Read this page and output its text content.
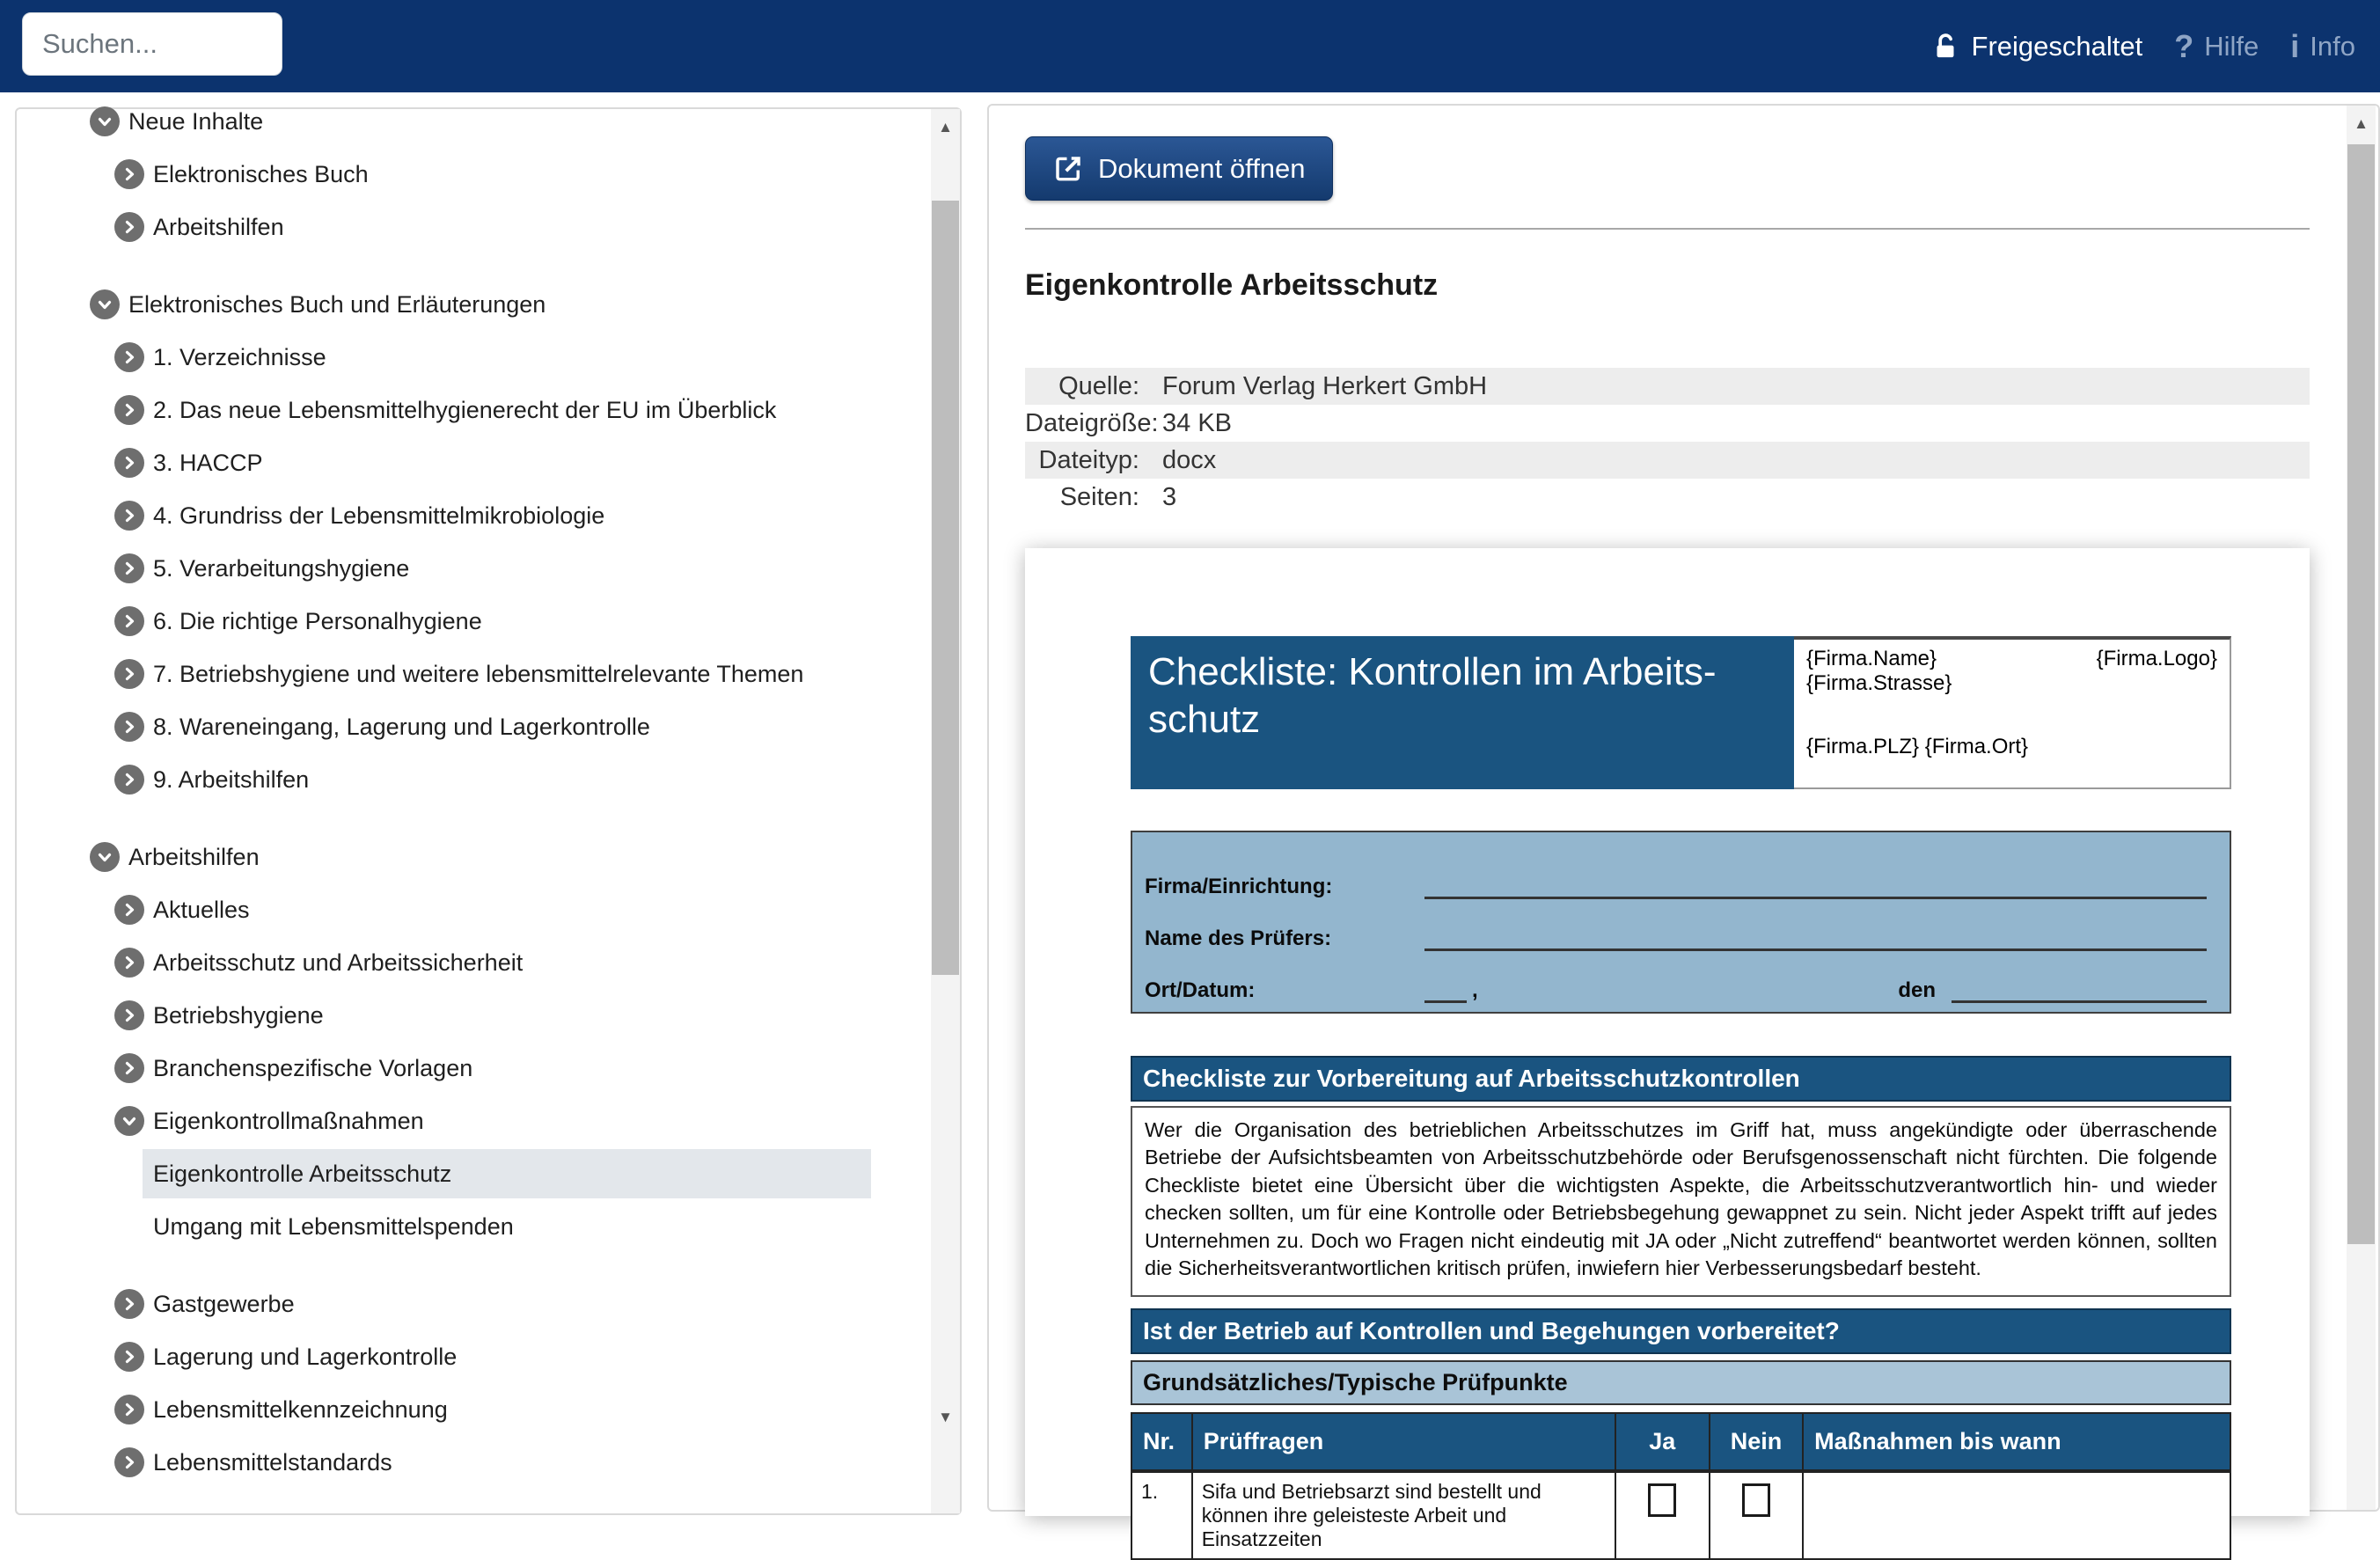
Suchen...
Freigeschaltet ? Hilfe i Info
Neue Inhalte
Elektronisches Buch
Arbeitshilfen
Elektronisches Buch und Erläuterungen
1. Verzeichnisse
2. Das neue Lebensmittelhygienerecht der EU im Überblick
3. HACCP
4. Grundriss der Lebensmittelmikrobiologie
5. Verarbeitungshygiene
6. Die richtige Personalhygiene
7. Betriebshygiene und weitere lebensmittelrelevante Themen
8. Wareneingang, Lagerung und Lagerkontrolle
9. Arbeitshilfen
Arbeitshilfen
Aktuelles
Arbeitsschutz und Arbeitssicherheit
Betriebshygiene
Branchenspezifische Vorlagen
Eigenkontrollmaßnahmen
Eigenkontrolle Arbeitsschutz
Umgang mit Lebensmittelspenden
Gastgewerbe
Lagerung und Lagerkontrolle
Lebensmittelkennzeichnung
Lebensmittelstandards
▲
▼
Dokument öffnen
Eigenkontrolle Arbeitsschutz
Quelle: Forum Verlag Herkert GmbH
Dateigröße: 34 KB
Dateityp: docx
Seiten: 3
Checkliste: Kontrollen im Arbeits-
schutz
{Firma.Name}	{Firma.Logo}
{Firma.Strasse}
{Firma.PLZ} {Firma.Ort}
Firma/Einrichtung:
Name des Prüfers:
Ort/Datum:	,	den
Checkliste zur Vorbereitung auf Arbeitsschutzkontrollen
Wer die Organisation des betrieblichen Arbeitsschutzes im Griff hat, muss angekündigte oder überraschende Betriebe der Aufsichtsbeamten von Arbeitsschutzbehörde oder Berufsgenossenschaft nicht fürchten. Die folgende Checkliste bietet eine Übersicht über die wichtigsten Aspekte, die Arbeitsschutzverantwortlich hin- und wieder checken sollten, um für eine Kontrolle oder Betriebsbegehung gewappnet zu sein. Nicht jeder Aspekt trifft auf jedes Unternehmen zu. Doch wo Fragen nicht eindeutig mit JA oder „Nicht zutreffend“ beantwortet werden können, sollten die Sicherheitsverantwortlichen kritisch prüfen, inwiefern hier Verbesserungsbedarf besteht.
Ist der Betrieb auf Kontrollen und Begehungen vorbereitet?
Grundsätzliches/Typische Prüfpunkte
Nr.	Prüffragen	Ja	Nein	Maßnahmen bis wann
1.	Sifa und Betriebsarzt sind bestellt und können ihre geleisteste Arbeit und Einsatzzeiten			
▲
